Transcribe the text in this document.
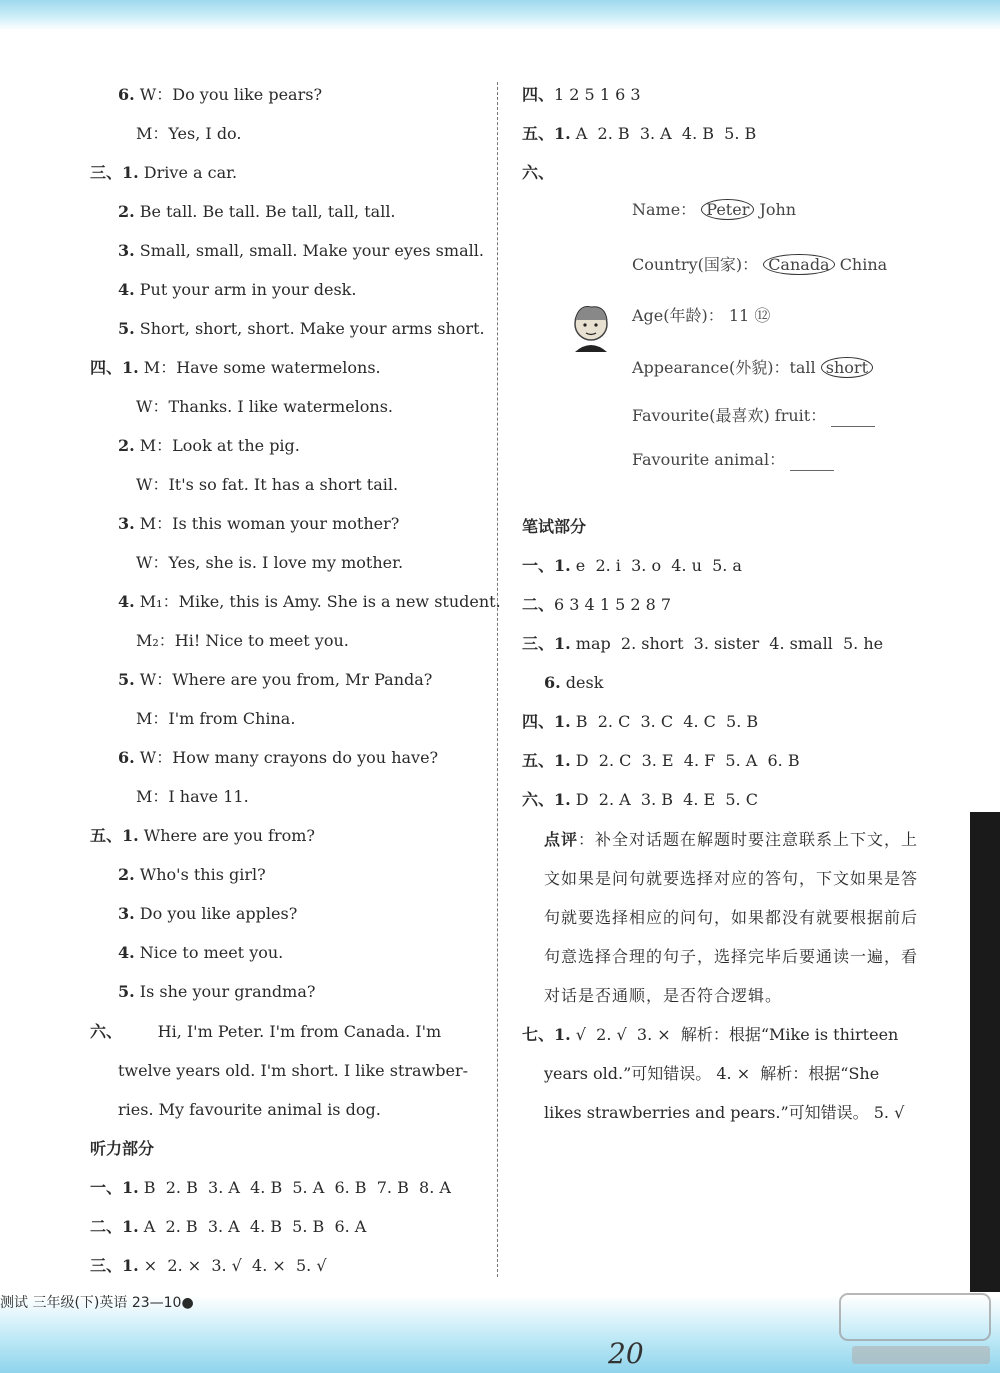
6. W：Do you like pears?
M：Yes, I do.
三、1. Drive a car.
2. Be tall. Be tall. Be tall, tall, tall.
3. Small, small, small. Make your eyes small.
4. Put your arm in your desk.
5. Short, short, short. Make your arms short.
四、1. M：Have some watermelons.
W：Thanks. I like watermelons.
2. M：Look at the pig.
W：It's so fat. It has a short tail.
3. M：Is this woman your mother?
W：Yes, she is. I love my mother.
4. M₁：Mike, this is Amy. She is a new student.
M₂：Hi! Nice to meet you.
5. W：Where are you from, Mr Panda?
M：I'm from China.
6. W：How many crayons do you have?
M：I have 11.
五、1. Where are you from?
2. Who's this girl?
3. Do you like apples?
4. Nice to meet you.
5. Is she your grandma?
六、       Hi, I'm Peter. I'm from Canada. I'm
twelve years old. I'm short. I like strawber-
ries. My favourite animal is dog.
听力部分
一、1. B  2. B  3. A  4. B  5. A  6. B  7. B  8. A
二、1. A  2. B  3. A  4. B  5. B  6. A
三、1. ×  2. ×  3. √  4. ×  5. √
四、1 2 5 1 6 3
五、1. A  2. B  3. A  4. B  5. B
六、
笔试部分
一、1. e  2. i  3. o  4. u  5. a
二、6 3 4 1 5 2 8 7
三、1. map  2. short  3. sister  4. small  5. he
6. desk
四、1. B  2. C  3. C  4. C  5. B
五、1. D  2. C  3. E  4. F  5. A  6. B
六、1. D  2. A  3. B  4. E  5. C
七、1. √  2. √  3. ×  解析：根据“Mike is thirteen
years old.”可知错误。 4. ×  解析：根据“She
likes strawberries and pears.”可知错误。 5. √
Name： Peter John
Country(国家)： Canada China
Age(年龄)： 11 ⑫
Appearance(外貌)：tall short
Favourite(最喜欢) fruit：
Favourite animal：
点评：补全对话题在解题时要注意联系上下文，上文如果是问句就要选择对应的答句，下文如果是答句就要选择相应的问句，如果都没有就要根据前后句意选择合理的句子，选择完毕后要通读一遍，看对话是否通顺，是否符合逻辑。
测试 三年级(下)英语 23—10●
20
